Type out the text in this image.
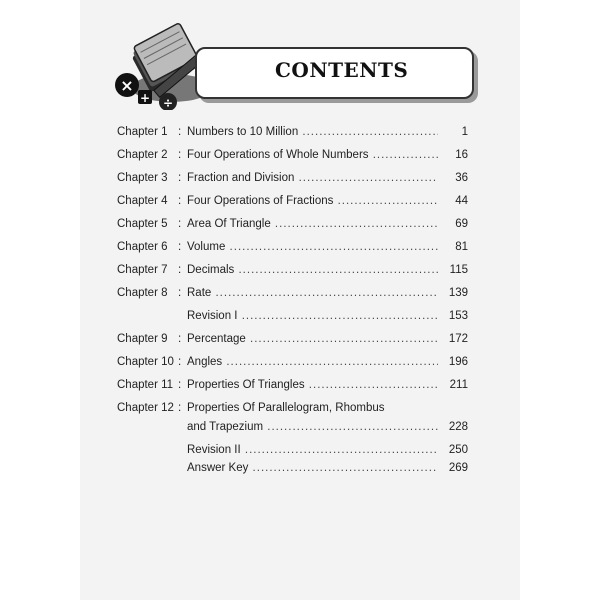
×
+ ÷
CONTENTS
Chapter 1 : Numbers to 10 Million .....	1
Chapter 2 : Four Operations of Whole Numbers .....	16
Chapter 3 : Fraction and Division .....	36
Chapter 4 : Four Operations of Fractions .....	44
Chapter 5 : Area Of Triangle .....	69
Chapter 6 : Volume .....	81
Chapter 7 : Decimals .....	115
Chapter 8 : Rate .....	139
Revision I .....	153
Chapter 9 : Percentage .....	172
Chapter 10 : Angles .....	196
Chapter 11 : Properties Of Triangles .....	211
Chapter 12 : Properties Of Parallelogram, Rhombus
and Trapezium .....	228
Revision II .....	250
Answer Key .....	269
